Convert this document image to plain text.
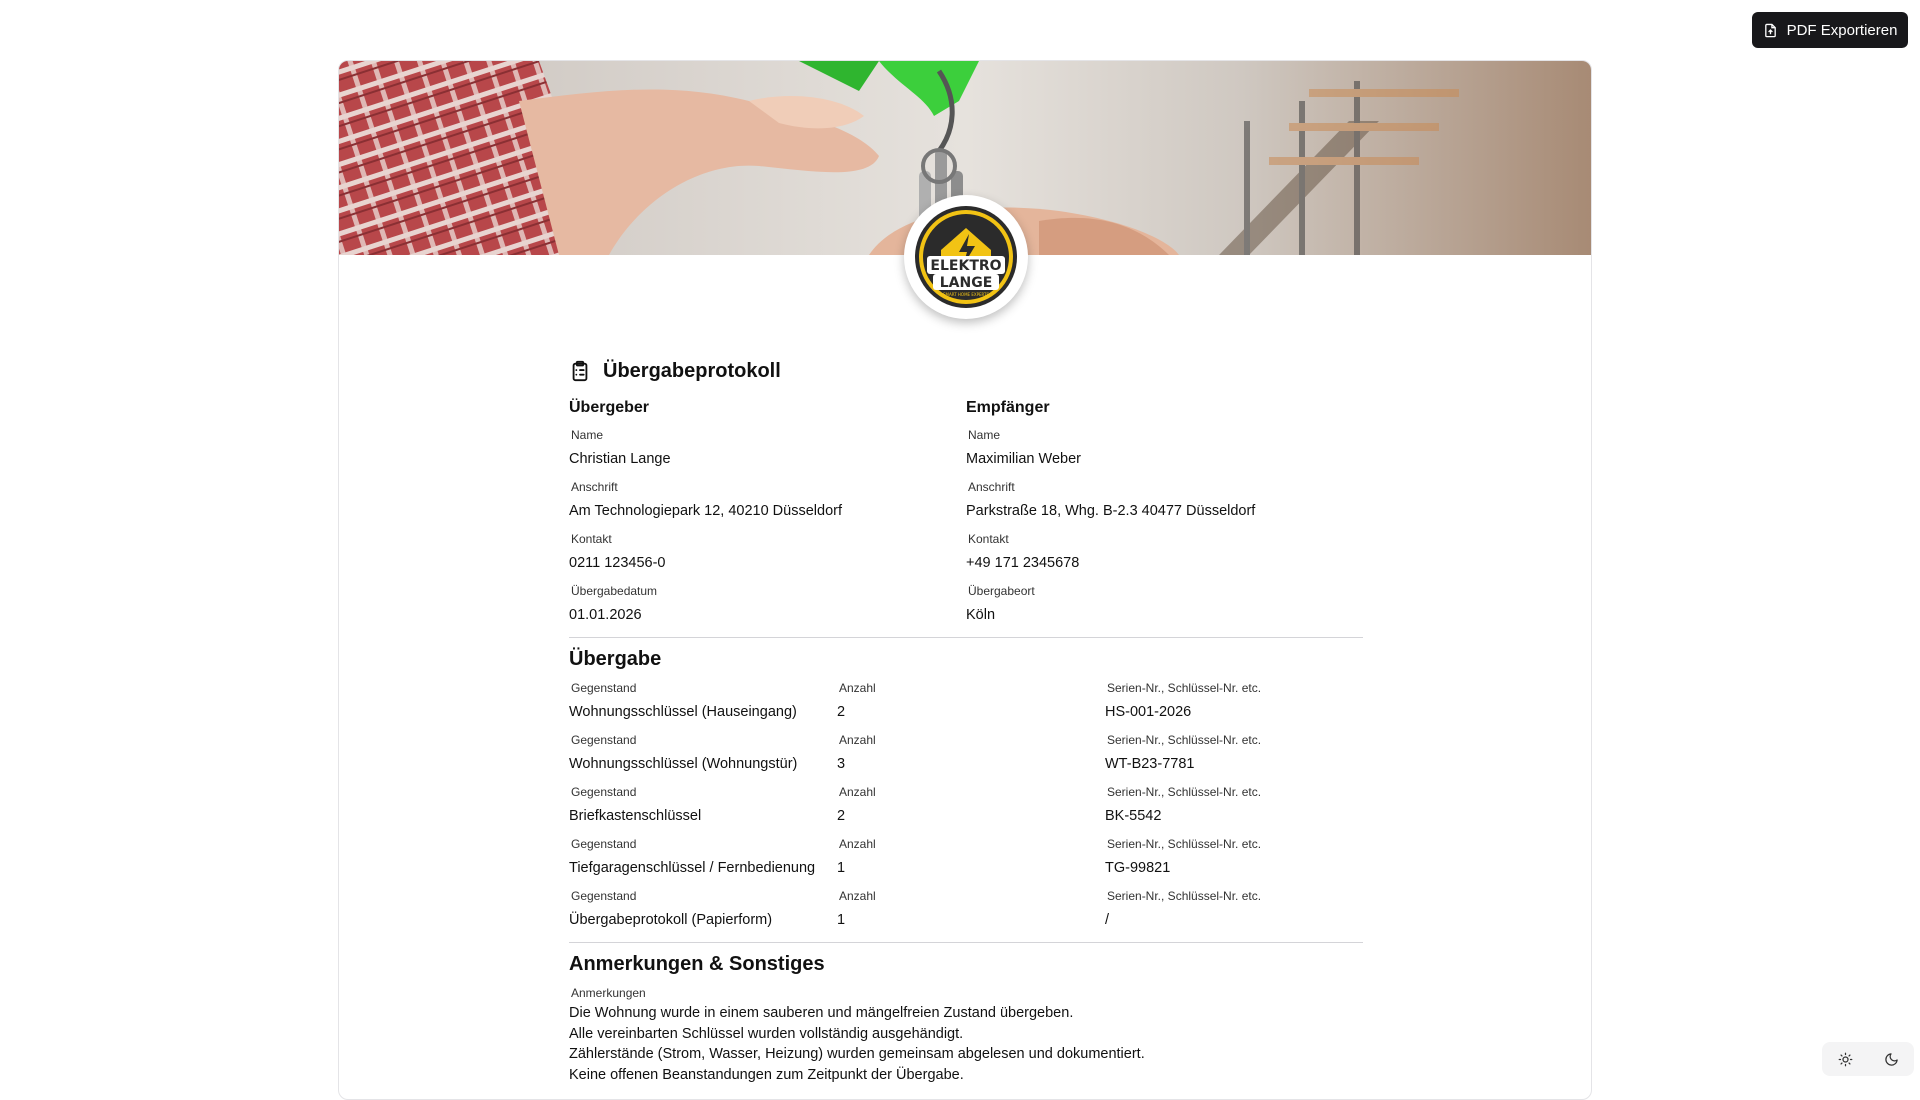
PDF Exportieren
ELEKTRO
LANGE
SMART HOME EXPERTS
Übergabeprotokoll
Übergeber
Name
Christian Lange
Anschrift
Am Technologiepark 12, 40210 Düsseldorf
Kontakt
0211 123456-0
Übergabedatum
01.01.2026
Empfänger
Name
Maximilian Weber
Anschrift
Parkstraße 18, Whg. B-2.3 40477 Düsseldorf
Kontakt
+49 171 2345678
Übergabeort
Köln
Übergabe
Gegenstand
Wohnungsschlüssel (Hauseingang)
Anzahl
2
Serien-Nr., Schlüssel-Nr. etc.
HS-001-2026
Gegenstand
Wohnungsschlüssel (Wohnungstür)
Anzahl
3
Serien-Nr., Schlüssel-Nr. etc.
WT-B23-7781
Gegenstand
Briefkastenschlüssel
Anzahl
2
Serien-Nr., Schlüssel-Nr. etc.
BK-5542
Gegenstand
Tiefgaragenschlüssel / Fernbedienung
Anzahl
1
Serien-Nr., Schlüssel-Nr. etc.
TG-99821
Gegenstand
Übergabeprotokoll (Papierform)
Anzahl
1
Serien-Nr., Schlüssel-Nr. etc.
/
Anmerkungen & Sonstiges
Anmerkungen
Die Wohnung wurde in einem sauberen und mängelfreien Zustand übergeben.
Alle vereinbarten Schlüssel wurden vollständig ausgehändigt.
Zählerstände (Strom, Wasser, Heizung) wurden gemeinsam abgelesen und dokumentiert.
Keine offenen Beanstandungen zum Zeitpunkt der Übergabe.
